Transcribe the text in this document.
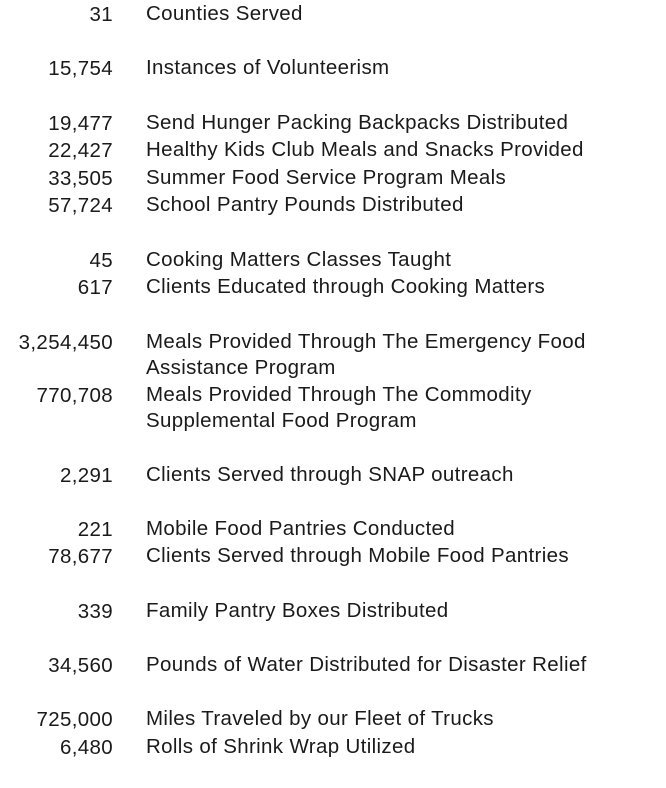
31 Counties Served
15,754 Instances of Volunteerism
19,477 Send Hunger Packing Backpacks Distributed
22,427 Healthy Kids Club Meals and Snacks Provided
33,505 Summer Food Service Program Meals
57,724 School Pantry Pounds Distributed
45 Cooking Matters Classes Taught
617 Clients Educated through Cooking Matters
3,254,450 Meals Provided Through The Emergency Food Assistance Program
770,708 Meals Provided Through The Commodity Supplemental Food Program
2,291 Clients Served through SNAP outreach
221 Mobile Food Pantries Conducted
78,677 Clients Served through Mobile Food Pantries
339 Family Pantry Boxes Distributed
34,560 Pounds of Water Distributed for Disaster Relief
725,000 Miles Traveled by our Fleet of Trucks
6,480 Rolls of Shrink Wrap Utilized
